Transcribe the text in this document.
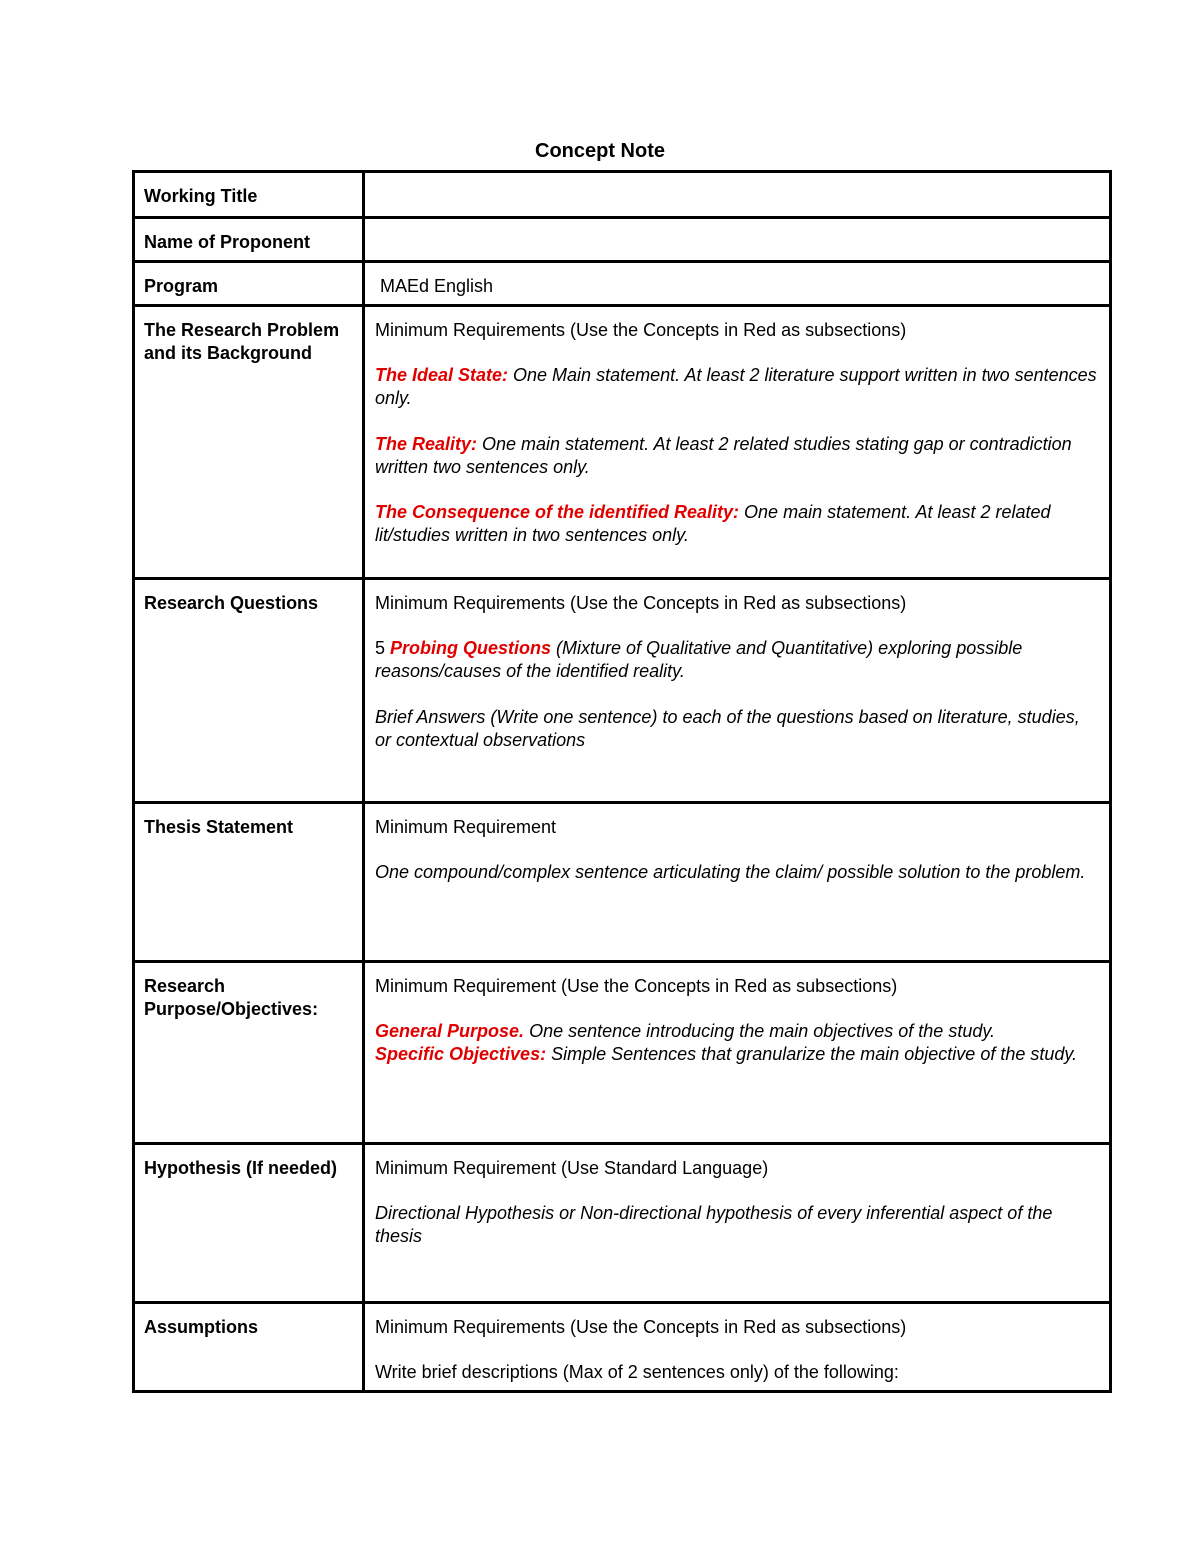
Concept Note
Working Title	
Name of Proponent	
Program	MAEd English
The Research Problem and its Background	Minimum Requirements (Use the Concepts in Red as subsections)

The Ideal State: One Main statement. At least 2 literature support written in two sentences only.

The Reality: One main statement. At least 2 related studies stating gap or contradiction written two sentences only.

The Consequence of the identified Reality: One main statement. At least 2 related lit/studies written in two sentences only.

Research Questions	Minimum Requirements (Use the Concepts in Red as subsections)

5 Probing Questions (Mixture of Qualitative and Quantitative) exploring possible reasons/causes of the identified reality.

Brief Answers (Write one sentence) to each of the questions based on literature, studies, or contextual observations

Thesis Statement	Minimum Requirement

One compound/complex sentence articulating the claim/ possible solution to the problem.

Research Purpose/Objectives:	Minimum Requirement (Use the Concepts in Red as subsections)

General Purpose. One sentence introducing the main objectives of the study.

Specific Objectives: Simple Sentences that granularize the main objective of the study.

Hypothesis (If needed)	Minimum Requirement (Use Standard Language)

Directional Hypothesis or Non-directional hypothesis of every inferential aspect of the thesis

Assumptions	Minimum Requirements (Use the Concepts in Red as subsections)

Write brief descriptions (Max of 2 sentences only) of the following:
